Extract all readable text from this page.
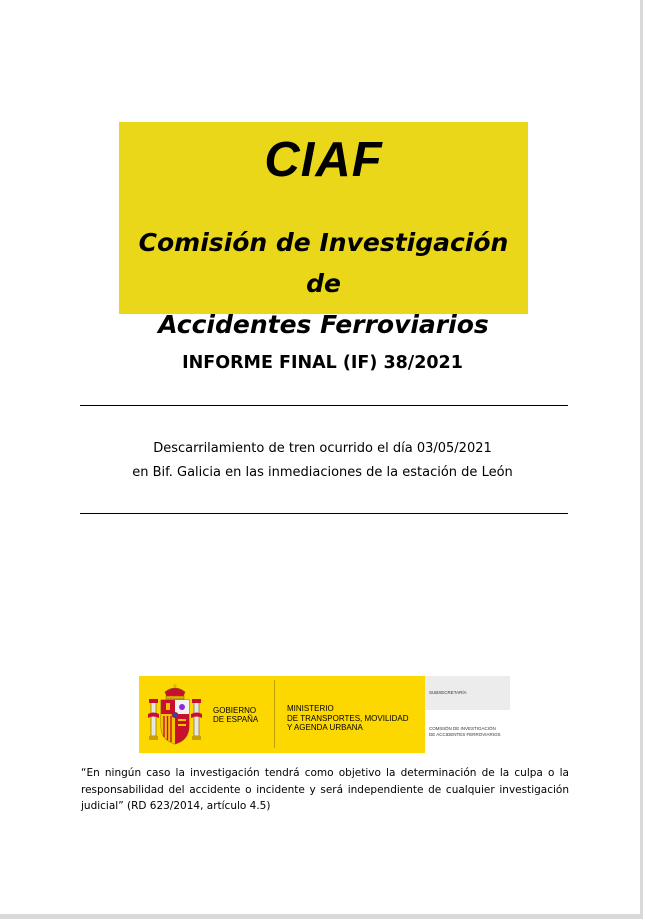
CIAF
Comisión de Investigación de
Accidentes Ferroviarios
INFORME FINAL (IF) 38/2021
Descarrilamiento de tren ocurrido el día 03/05/2021
en Bif. Galicia en las inmediaciones de la estación de León
GOBIERNO
DE ESPAÑA
MINISTERIO
DE TRANSPORTES, MOVILIDAD
Y AGENDA URBANA
SUBSECRETARÍA
COMISIÓN DE INVESTIGACIÓN
DE ACCIDENTES FERROVIARIOS
“En ningún caso la investigación tendrá como objetivo la determinación de la culpa o la responsabilidad del accidente o incidente y será independiente de cualquier investigación judicial” (RD 623/2014, artículo 4.5)
